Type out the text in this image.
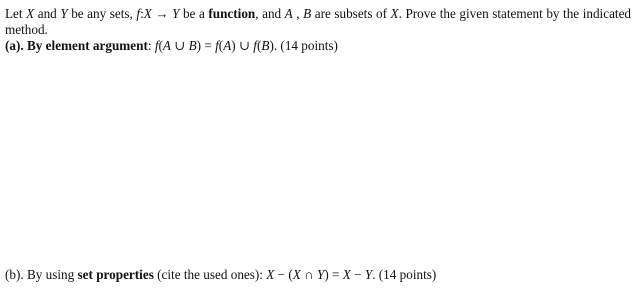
Let X and Y be any sets, f:X → Y be a function, and A , B are subsets of X. Prove the given statement by the indicated method.

(a). By element argument: f(A ∪ B) = f(A) ∪ f(B). (14 points)

(b). By using set properties (cite the used ones): X − (X ∩ Y) = X − Y. (14 points)
